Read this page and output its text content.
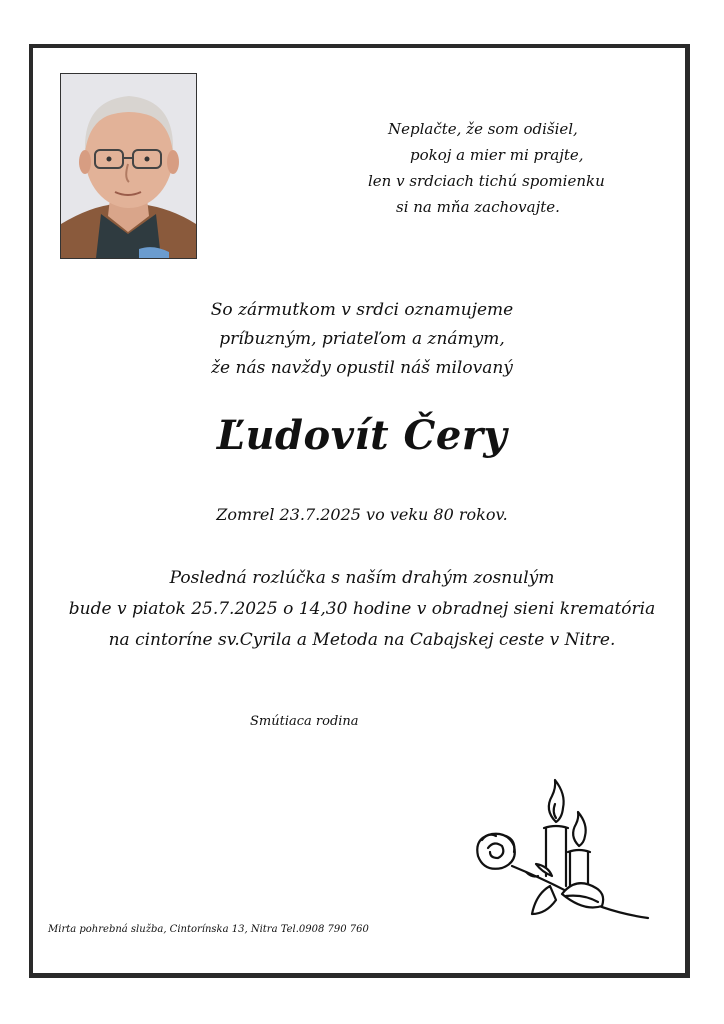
Neplačte, že som odišiel,
pokoj a mier mi prajte,
len v srdciach tichú spomienku
si na mňa zachovajte.
So zármutkom v srdci oznamujeme
príbuzným, priateľom a známym,
že nás navždy opustil náš milovaný
Ľudovít Čery
Zomrel 23.7.2025 vo veku 80 rokov.
Posledná rozlúčka s naším drahým zosnulým
bude v piatok 25.7.2025 o 14,30 hodine v obradnej sieni krematória
na cintoríne sv.Cyrila a Metoda na Cabajskej ceste v Nitre.
Smútiaca rodina
Mirta pohrebná služba, Cintorínska 13, Nitra Tel.0908 790 760
